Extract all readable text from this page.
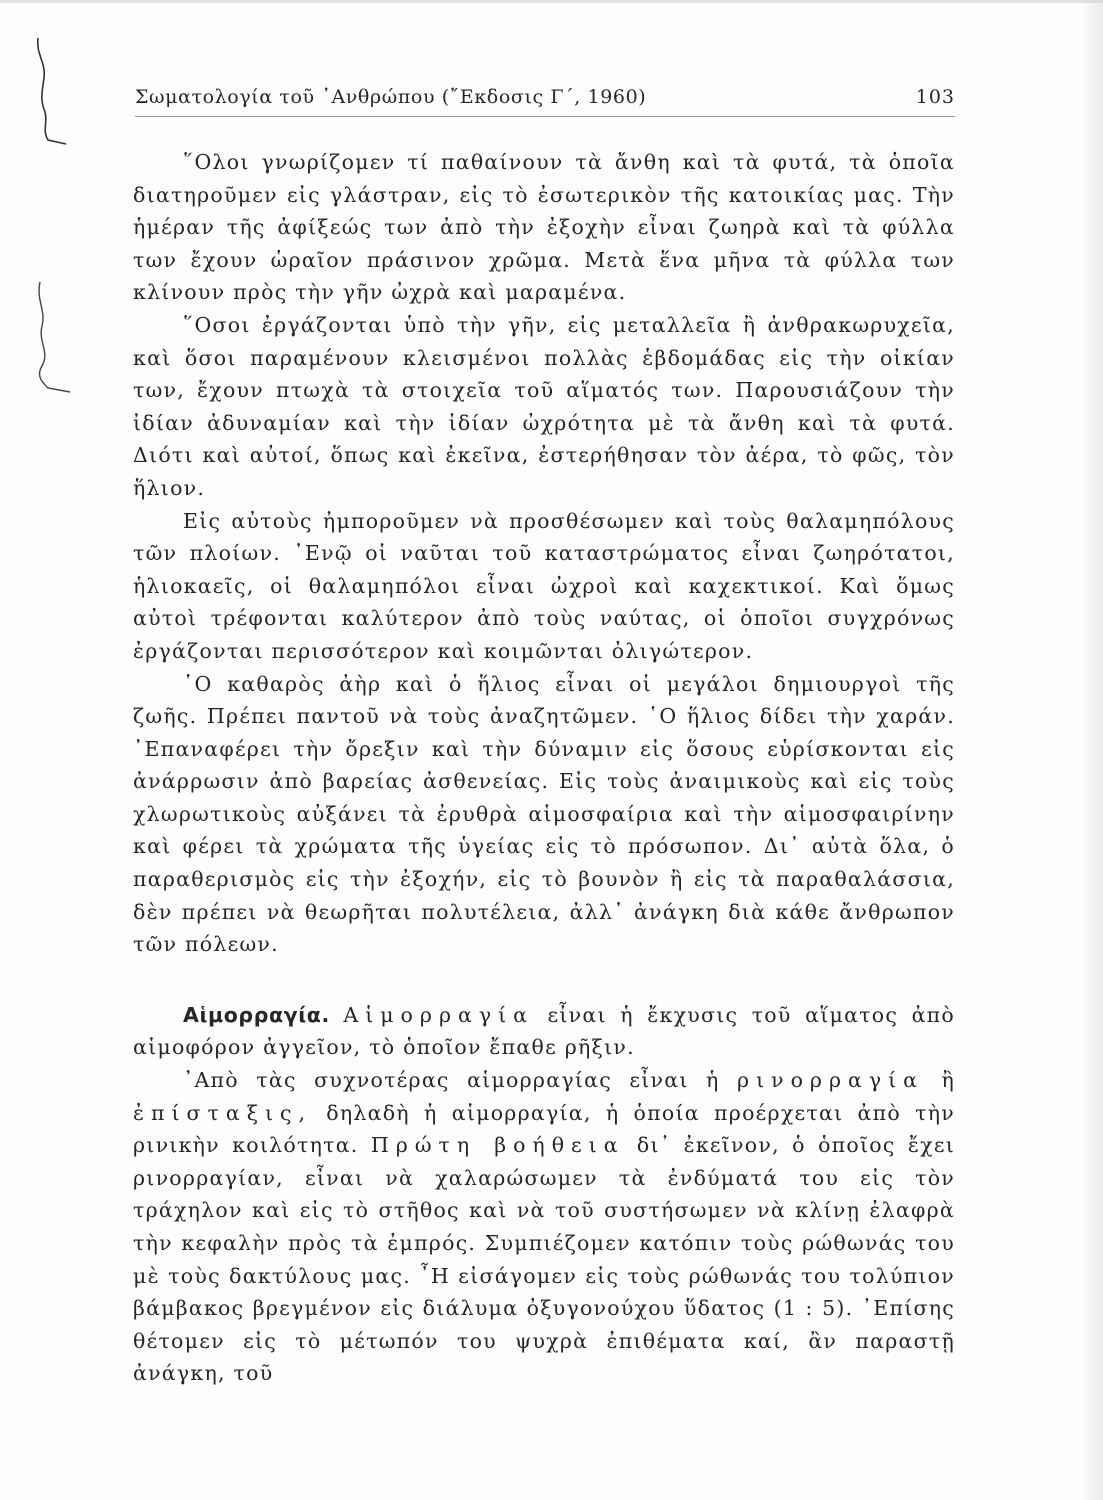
Σωματολογία τοῦ ᾿Ανθρώπου (῎Εκδοσις Γ΄, 1960)	103

῞Ολοι γνωρίζομεν τί παθαίνουν τὰ ἄνθη καὶ τὰ φυτά, τὰ ὁποῖα διατηροῦμεν εἰς γλάστραν, εἰς τὸ ἐσωτερικὸν τῆς κατοικίας μας. Τὴν ἡμέραν τῆς ἀφίξεώς των ἀπὸ τὴν ἐξοχὴν εἶναι ζωηρὰ καὶ τὰ φύλλα των ἔχουν ὡραῖον πράσινον χρῶμα. Μετὰ ἕνα μῆνα τὰ φύλλα των κλίνουν πρὸς τὴν γῆν ὠχρὰ καὶ μαραμένα.

῞Οσοι ἐργάζονται ὑπὸ τὴν γῆν, εἰς μεταλλεῖα ἢ ἀνθρακωρυχεῖα, καὶ ὅσοι παραμένουν κλεισμένοι πολλὰς ἑβδομάδας εἰς τὴν οἰκίαν των, ἔχουν πτωχὰ τὰ στοιχεῖα τοῦ αἵματός των. Παρουσιάζουν τὴν ἰδίαν ἀδυναμίαν καὶ τὴν ἰδίαν ὠχρότητα μὲ τὰ ἄνθη καὶ τὰ φυτά. Διότι καὶ αὐτοί, ὅπως καὶ ἐκεῖνα, ἐστερήθησαν τὸν ἀέρα, τὸ φῶς, τὸν ἥλιον.

Εἰς αὐτοὺς ἠμποροῦμεν νὰ προσθέσωμεν καὶ τοὺς θαλαμηπόλους τῶν πλοίων. ᾿Ενῷ οἱ ναῦται τοῦ καταστρώματος εἶναι ζωηρότατοι, ἡλιοκαεῖς, οἱ θαλαμηπόλοι εἶναι ὠχροὶ καὶ καχεκτικοί. Καὶ ὅμως αὐτοὶ τρέφονται καλύτερον ἀπὸ τοὺς ναύτας, οἱ ὁποῖοι συγχρόνως ἐργάζονται περισσότερον καὶ κοιμῶνται ὀλιγώτερον.

῾Ο καθαρὸς ἀὴρ καὶ ὁ ἥλιος εἶναι οἱ μεγάλοι δημιουργοὶ τῆς ζωῆς. Πρέπει παντοῦ νὰ τοὺς ἀναζητῶμεν. ῾Ο ἥλιος δίδει τὴν χαράν. ᾿Επαναφέρει τὴν ὄρεξιν καὶ τὴν δύναμιν εἰς ὅσους εὑρίσκονται εἰς ἀνάρρωσιν ἀπὸ βαρείας ἀσθενείας. Εἰς τοὺς ἀναιμικοὺς καὶ εἰς τοὺς χλωρωτικοὺς αὐξάνει τὰ ἐρυθρὰ αἱμοσφαίρια καὶ τὴν αἱμοσφαιρίνην καὶ φέρει τὰ χρώματα τῆς ὑγείας εἰς τὸ πρόσωπον. Δι᾿ αὐτὰ ὅλα, ὁ παραθερισμὸς εἰς τὴν ἐξοχήν, εἰς τὸ βουνὸν ἢ εἰς τὰ παραθαλάσσια, δὲν πρέπει νὰ θεωρῆται πολυτέλεια, ἀλλ᾿ ἀνάγκη διὰ κάθε ἄνθρωπον τῶν πόλεων.

Αἱμορραγία. Αἱμορραγία εἶναι ἡ ἔκχυσις τοῦ αἵματος ἀπὸ αἱμοφόρον ἀγγεῖον, τὸ ὁποῖον ἔπαθε ρῆξιν.

᾿Απὸ τὰς συχνοτέρας αἱμορραγίας εἶναι ἡ ρινορραγία ἢ ἐπίσταξις, δηλαδὴ ἡ αἱμορραγία, ἡ ὁποία προέρχεται ἀπὸ τὴν ρινικὴν κοιλότητα. Πρώτη βοήθεια δι᾿ ἐκεῖνον, ὁ ὁποῖος ἔχει ρινορραγίαν, εἶναι νὰ χαλαρώσωμεν τὰ ἐνδύματά του εἰς τὸν τράχηλον καὶ εἰς τὸ στῆθος καὶ νὰ τοῦ συστήσωμεν νὰ κλίνῃ ἐλαφρὰ τὴν κεφαλὴν πρὸς τὰ ἐμπρός. Συμπιέζομεν κατόπιν τοὺς ρώθωνάς του μὲ τοὺς δακτύλους μας. ῏Η εἰσάγομεν εἰς τοὺς ρώθωνάς του τολύπιον βάμβακος βρεγμένον εἰς διάλυμα ὀξυγονούχου ὕδατος (1 : 5). ᾿Επίσης θέτομεν εἰς τὸ μέτωπόν του ψυχρὰ ἐπιθέματα καί, ἂν παραστῇ ἀνάγκη, τοῦ
